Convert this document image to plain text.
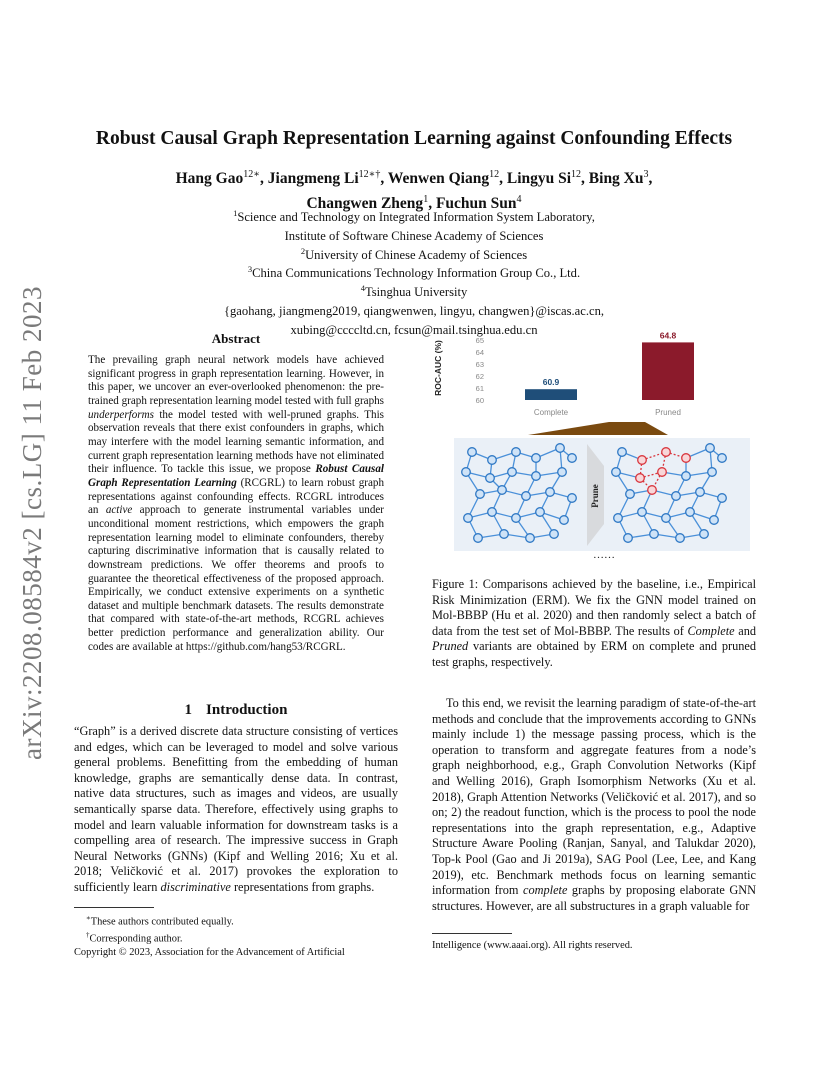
arXiv:2208.08584v2 [cs.LG] 11 Feb 2023
Robust Causal Graph Representation Learning against Confounding Effects
Hang Gao$^{12∗}$, Jiangmeng $Li^{12∗\dagger}$, Wenwen Qiang$^{12}$, Lingyu Si$^{12}$, Bing Xu$^3$,
Changwen Zheng$^1$, Fuchun Sun$^4$
$^1$Science and Technology on Integrated Information System Laboratory,
Institute of Software Chinese Academy of Sciences
$^2$University of Chinese Academy of Sciences
$^3$China Communications Technology Information Group Co., Ltd.
$^4$Tsinghua University
{gaohang, jiangmeng2019, qiangwenwen, lingyu, changwen}@iscas.ac.cn,
xubing@ccccltd.cn, fcsun@mail.tsinghua.edu.cn
Abstract
The prevailing graph neural network models have achieved significant progress in graph representation learning. However, in this paper, we uncover an ever-overlooked phenomenon: the pre-trained graph representation learning model tested with full graphs underperforms the model tested with well-pruned graphs. This observation reveals that there exist confounders in graphs, which may interfere with the model learning semantic information, and current graph representation learning methods have not eliminated their influence. To tackle this issue, we propose Robust Causal Graph Representation Learning (RCGRL) to learn robust graph representations against confounding effects. RCGRL introduces an active approach to generate instrumental variables under unconditional moment restrictions, which empowers the graph representation learning model to eliminate confounders, thereby capturing discriminative information that is causally related to downstream predictions. We offer theorems and proofs to guarantee the theoretical effectiveness of the proposed approach. Empirically, we conduct extensive experiments on a synthetic dataset and multiple benchmark datasets. The results demonstrate that compared with state-of-the-art methods, RCGRL achieves better prediction performance and generalization ability. Our codes are available at https://github.com/hang53/RCGRL.
1 Introduction
“Graph” is a derived discrete data structure consisting of vertices and edges, which can be leveraged to model and solve various general problems. Benefitting from the embedding of human knowledge, graphs are semantically dense data. In contrast, native data structures, such as images and videos, are usually semantically sparse data. Therefore, effectively using graphs to model and learn valuable information for downstream tasks is a compelling area of research. The impressive success in Graph Neural Networks (GNNs) (Kipf and Welling 2016; Xu et al. 2018; Veličković et al. 2017) provokes the exploration to sufficiently learn discriminative representations from graphs.
∗These authors contributed equally.
†Corresponding author.
Copyright © 2023, Association for the Advancement of Artificial
ROC-AUC (%)
60
61
62
63
64
65
60.9
64.8
Complete	Pruned
Prune
……
Figure 1: Comparisons achieved by the baseline, i.e., Empirical Risk Minimization (ERM). We fix the GNN model trained on Mol-BBBP (Hu et al. 2020) and then randomly select a batch of data from the test set of Mol-BBBP. The results of Complete and Pruned variants are obtained by ERM on complete and pruned test graphs, respectively.
To this end, we revisit the learning paradigm of state-of-the-art methods and conclude that the improvements according to GNNs mainly include 1) the message passing process, which is the operation to transform and aggregate features from a node’s graph neighborhood, e.g., Graph Convolution Networks (Kipf and Welling 2016), Graph Isomorphism Networks (Xu et al. 2018), Graph Attention Networks (Veličković et al. 2017), and so on; 2) the readout function, which is the process to pool the node representations into the graph representation, e.g., Adaptive Structure Aware Pooling (Ranjan, Sanyal, and Talukdar 2020), Top-k Pool (Gao and Ji 2019a), SAG Pool (Lee, Lee, and Kang 2019), etc. Benchmark methods focus on learning semantic information from complete graphs by proposing elaborate GNN structures. However, are all substructures in a graph valuable for
Intelligence (www.aaai.org). All rights reserved.
